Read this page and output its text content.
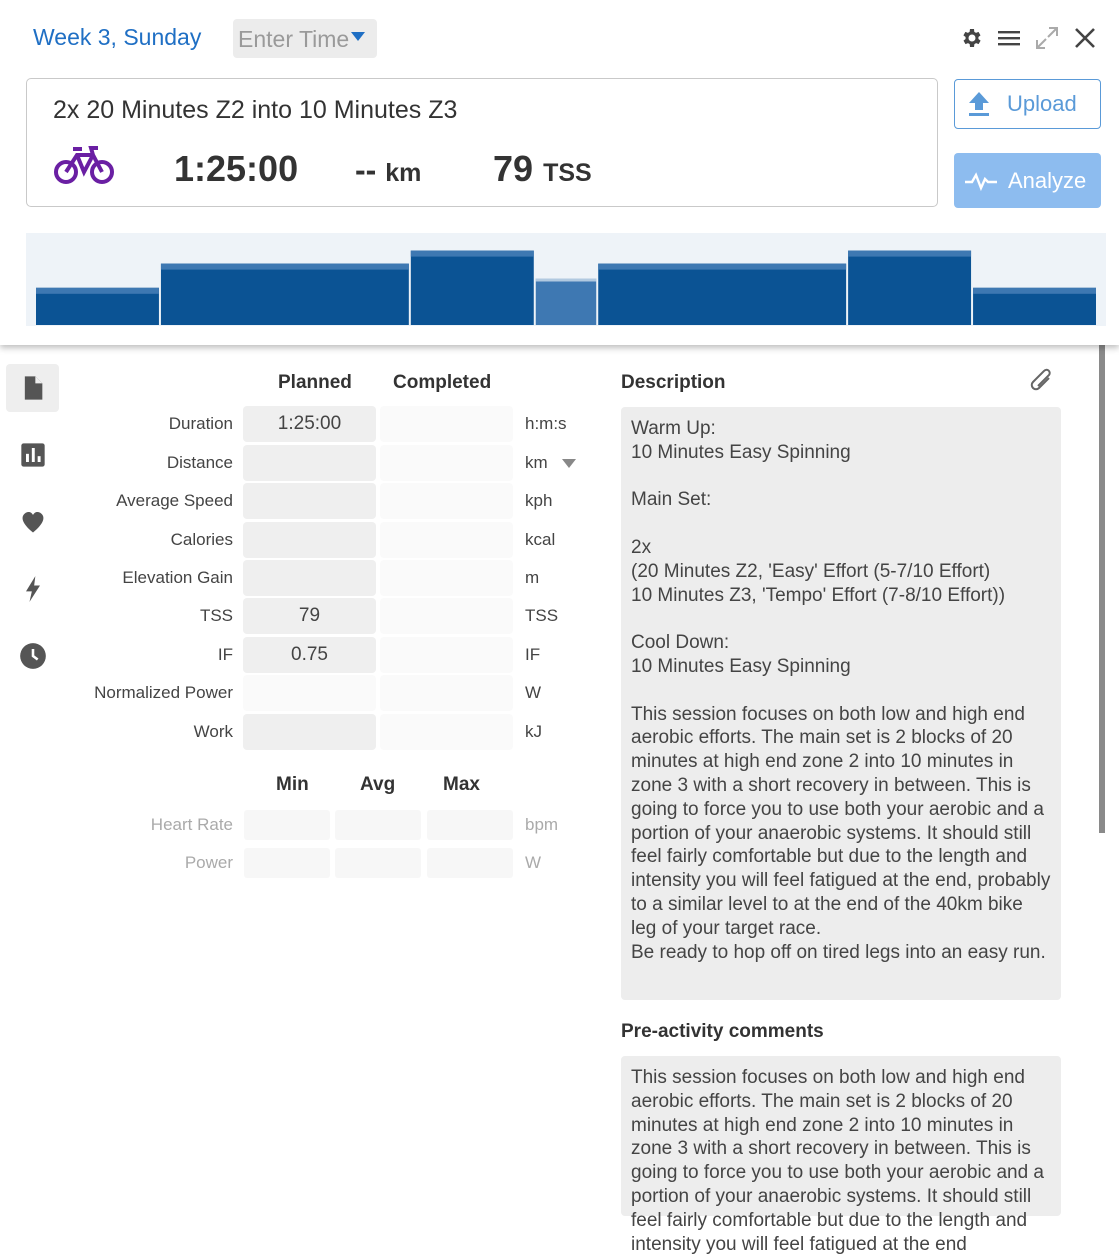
Week 3, Sunday Enter Time
2x 20 Minutes Z2 into 10 Minutes Z3
1:25:00 -- km 79 TSS
Upload
Analyze
Planned Completed
Duration	1:25:00	h:m:s
Distance	km
Average Speed	kph
Calories	kcal
Elevation Gain	m
TSS	79	TSS
IF	0.75	IF
Normalized Power	W
Work	kJ
Min	Avg	Max
Heart Rate	bpm
Power	W
Description
Warm Up:
10 Minutes Easy Spinning

Main Set:

2x
(20 Minutes Z2, 'Easy' Effort (5-7/10 Effort)
10 Minutes Z3, 'Tempo' Effort (7-8/10 Effort))

Cool Down:
10 Minutes Easy Spinning

This session focuses on both low and high end aerobic efforts. The main set is 2 blocks of 20 minutes at high end zone 2 into 10 minutes in zone 3 with a short recovery in between. This is going to force you to use both your aerobic and a portion of your anaerobic systems. It should still feel fairly comfortable but due to the length and intensity you will feel fatigued at the end, probably to a similar level to at the end of the 40km bike leg of your target race.
Be ready to hop off on tired legs into an easy run.
Pre-activity comments
This session focuses on both low and high end aerobic efforts. The main set is 2 blocks of 20 minutes at high end zone 2 into 10 minutes in zone 3 with a short recovery in between. This is going to force you to use both your aerobic and a portion of your anaerobic systems. It should still feel fairly comfortable but due to the length and intensity you will feel fatigued at the end
